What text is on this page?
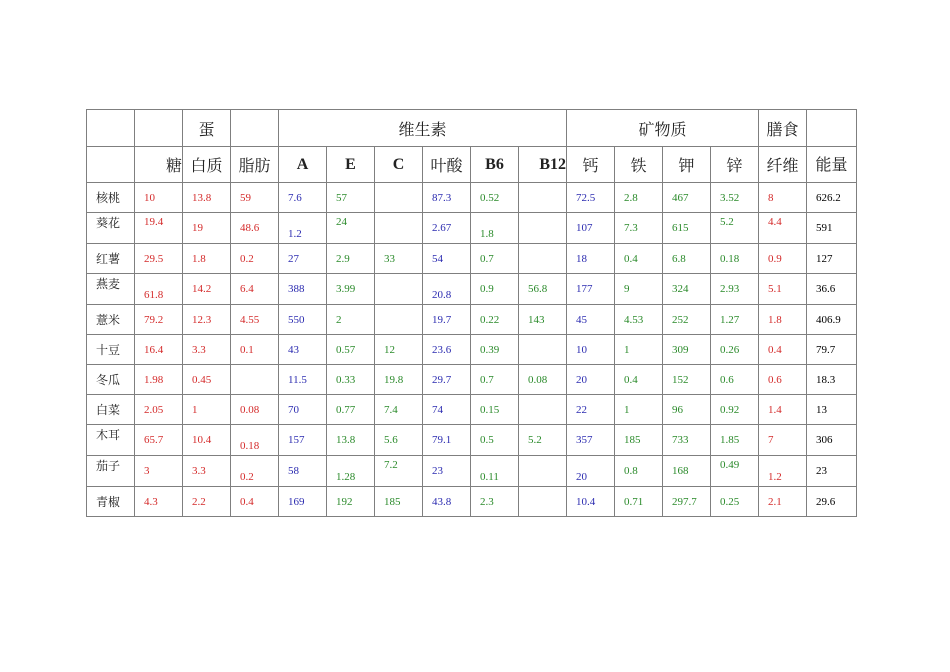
		蛋		维生素						矿物质				膳食	
	糖	白质	脂肪	A	E	C	叶酸	B6	B12	钙	铁	钾	锌	纤维	能量
核桃	10	13.8	59	7.6	57		87.3	0.52		72.5	2.8	467	3.52	8	626.2
葵花	19.4	19	48.6	1.2	24		2.67	1.8		107	7.3	615	5.2	4.4	591
红薯	29.5	1.8	0.2	27	2.9	33	54	0.7		18	0.4	6.8	0.18	0.9	127
燕麦	61.8	14.2	6.4	388	3.99		20.8	0.9	56.8	177	9	324	2.93	5.1	36.6
薏米	79.2	12.3	4.55	550	2		19.7	0.22	143	45	4.53	252	1.27	1.8	406.9
十豆	16.4	3.3	0.1	43	0.57	12	23.6	0.39		10	1	309	0.26	0.4	79.7
冬瓜	1.98	0.45		11.5	0.33	19.8	29.7	0.7	0.08	20	0.4	152	0.6	0.6	18.3
白菜	2.05	1	0.08	70	0.77	7.4	74	0.15		22	1	96	0.92	1.4	13
木耳	65.7	10.4	0.18	157	13.8	5.6	79.1	0.5	5.2	357	185	733	1.85	7	306
茄子	3	3.3	0.2	58	1.28	7.2	23	0.11		20	0.8	168	0.49	1.2	23
青椒	4.3	2.2	0.4	169	192	185	43.8	2.3		10.4	0.71	297.7	0.25	2.1	29.6
